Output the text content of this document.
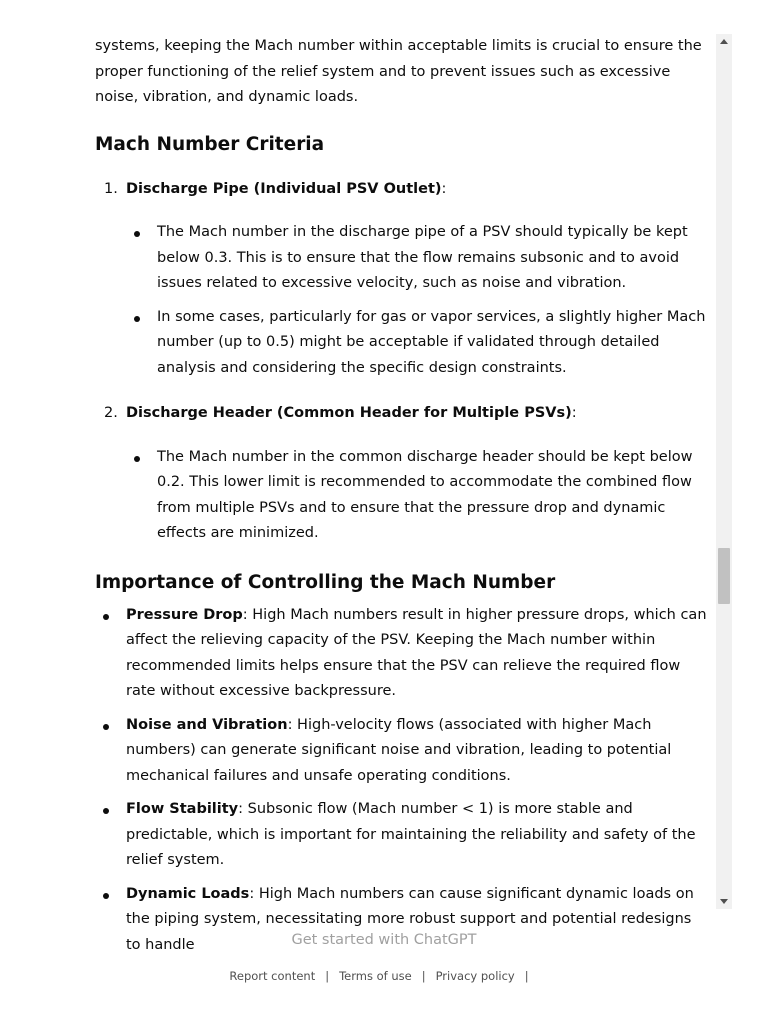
systems, keeping the Mach number within acceptable limits is crucial to ensure the proper functioning of the relief system and to prevent issues such as excessive noise, vibration, and dynamic loads.

Mach Number Criteria
1. Discharge Pipe (Individual PSV Outlet):
The Mach number in the discharge pipe of a PSV should typically be kept below 0.3. This is to ensure that the flow remains subsonic and to avoid issues related to excessive velocity, such as noise and vibration.
In some cases, particularly for gas or vapor services, a slightly higher Mach number (up to 0.5) might be acceptable if validated through detailed analysis and considering the specific design constraints.
2. Discharge Header (Common Header for Multiple PSVs):
The Mach number in the common discharge header should be kept below 0.2. This lower limit is recommended to accommodate the combined flow from multiple PSVs and to ensure that the pressure drop and dynamic effects are minimized.
Importance of Controlling the Mach Number
Pressure Drop: High Mach numbers result in higher pressure drops, which can affect the relieving capacity of the PSV. Keeping the Mach number within recommended limits helps ensure that the PSV can relieve the required flow rate without excessive backpressure.
Noise and Vibration: High-velocity flows (associated with higher Mach numbers) can generate significant noise and vibration, leading to potential mechanical failures and unsafe operating conditions.
Flow Stability: Subsonic flow (Mach number < 1) is more stable and predictable, which is important for maintaining the reliability and safety of the relief system.
Dynamic Loads: High Mach numbers can cause significant dynamic loads on the piping system, necessitating more robust support and potential redesigns to handle	Get started with ChatGPT
Report content | Terms of use | Privacy policy |
